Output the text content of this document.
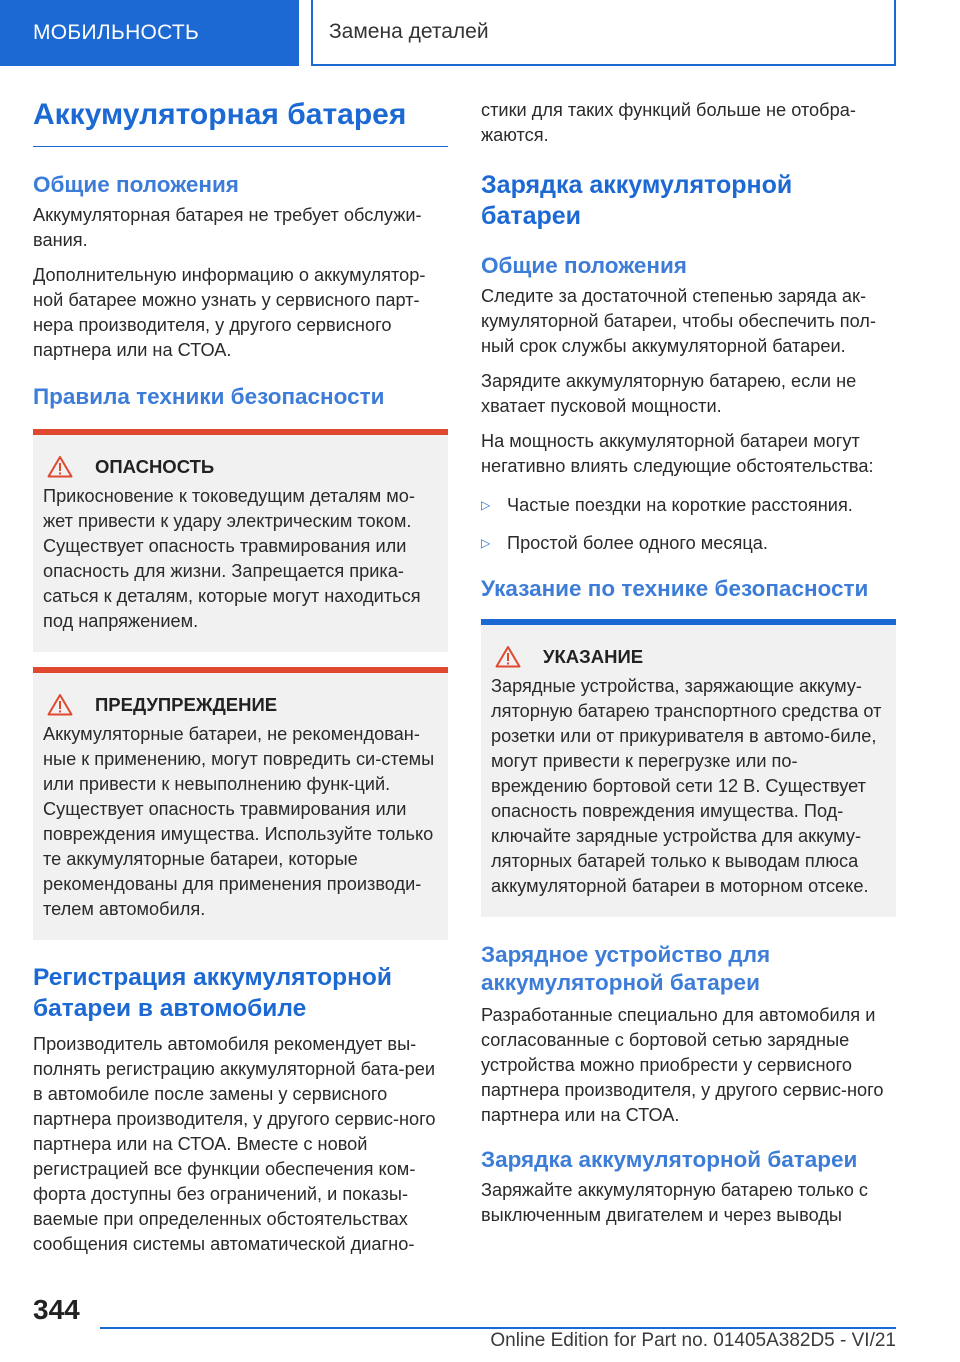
МОБИЛЬНОСТЬ	Замена деталей
Аккумуляторная батарея
Общие положения

Аккумуляторная батарея не требует обслужи-вания.

Дополнительную информацию о аккумулятор-ной батарее можно узнать у сервисного парт-нера производителя, у другого сервисного партнера или на СТОА.

Правила техники безопасности
ОПАСНОСТЬ

Прикосновение к токоведущим деталям мо-жет привести к удару электрическим током. Существует опасность травмирования или опасность для жизни. Запрещается прика-саться к деталям, которые могут находиться под напряжением.

ПРЕДУПРЕЖДЕНИЕ

Аккумуляторные батареи, не рекомендован-ные к применению, могут повредить си-стемы или привести к невыполнению функ-ций. Существует опасность травмирования или повреждения имущества. Используйте только те аккумуляторные батареи, которые рекомендованы для применения производи-телем автомобиля.

Регистрация аккумуляторной батареи в автомобиле

Производитель автомобиля рекомендует вы-полнять регистрацию аккумуляторной бата-реи в автомобиле после замены у сервисного партнера производителя, у другого сервис-ного партнера или на СТОА. Вместе с новой регистрацией все функции обеспечения ком-форта доступны без ограничений, и показы-ваемые при определенных обстоятельствах сообщения системы автоматической диагно-

стики для таких функций больше не отобра-жаются.

Зарядка аккумуляторной батареи
Общие положения

Следите за достаточной степенью заряда ак-кумуляторной батареи, чтобы обеспечить пол-ный срок службы аккумуляторной батареи.

Зарядите аккумуляторную батарею, если не хватает пусковой мощности.

На мощность аккумуляторной батареи могут негативно влиять следующие обстоятельства:

▷ Частые поездки на короткие расстояния.
▷ Простой более одного месяца.
Указание по технике безопасности
УКАЗАНИЕ

Зарядные устройства, заряжающие аккуму-ляторную батарею транспортного средства от розетки или от прикуривателя в автомо-биле, могут привести к перегрузке или по-вреждению бортовой сети 12 В. Существует опасность повреждения имущества. Под-ключайте зарядные устройства для аккуму-ляторных батарей только к выводам плюса аккумуляторной батареи в моторном отсеке.

Зарядное устройство для аккумуляторной батареи

Разработанные специально для автомобиля и согласованные с бортовой сетью зарядные устройства можно приобрести у сервисного партнера производителя, у другого сервис-ного партнера или на СТОА.

Зарядка аккумуляторной батареи

Заряжайте аккумуляторную батарею только с выключенным двигателем и через выводы

344
Online Edition for Part no. 01405A382D5 - VI/21
